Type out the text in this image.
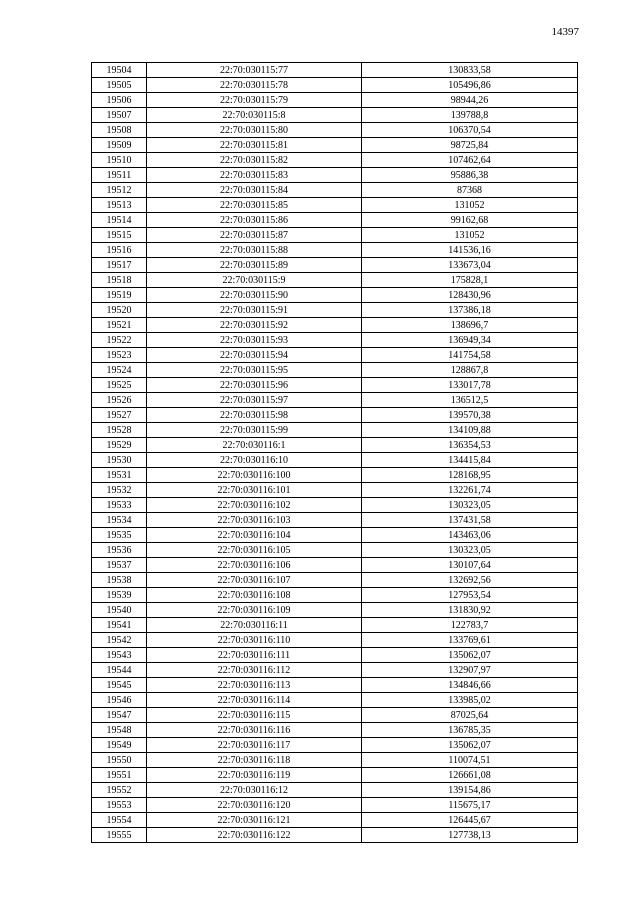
14397
19504	22:70:030115:77	130833,58
19505	22:70:030115:78	105496,86
19506	22:70:030115:79	98944,26
19507	22:70:030115:8	139788,8
19508	22:70:030115:80	106370,54
19509	22:70:030115:81	98725,84
19510	22:70:030115:82	107462,64
19511	22:70:030115:83	95886,38
19512	22:70:030115:84	87368
19513	22:70:030115:85	131052
19514	22:70:030115:86	99162,68
19515	22:70:030115:87	131052
19516	22:70:030115:88	141536,16
19517	22:70:030115:89	133673,04
19518	22:70:030115:9	175828,1
19519	22:70:030115:90	128430,96
19520	22:70:030115:91	137386,18
19521	22:70:030115:92	138696,7
19522	22:70:030115:93	136949,34
19523	22:70:030115:94	141754,58
19524	22:70:030115:95	128867,8
19525	22:70:030115:96	133017,78
19526	22:70:030115:97	136512,5
19527	22:70:030115:98	139570,38
19528	22:70:030115:99	134109,88
19529	22:70:030116:1	136354,53
19530	22:70:030116:10	134415,84
19531	22:70:030116:100	128168,95
19532	22:70:030116:101	132261,74
19533	22:70:030116:102	130323,05
19534	22:70:030116:103	137431,58
19535	22:70:030116:104	143463,06
19536	22:70:030116:105	130323,05
19537	22:70:030116:106	130107,64
19538	22:70:030116:107	132692,56
19539	22:70:030116:108	127953,54
19540	22:70:030116:109	131830,92
19541	22:70:030116:11	122783,7
19542	22:70:030116:110	133769,61
19543	22:70:030116:111	135062,07
19544	22:70:030116:112	132907,97
19545	22:70:030116:113	134846,66
19546	22:70:030116:114	133985,02
19547	22:70:030116:115	87025,64
19548	22:70:030116:116	136785,35
19549	22:70:030116:117	135062,07
19550	22:70:030116:118	110074,51
19551	22:70:030116:119	126661,08
19552	22:70:030116:12	139154,86
19553	22:70:030116:120	115675,17
19554	22:70:030116:121	126445,67
19555	22:70:030116:122	127738,13
